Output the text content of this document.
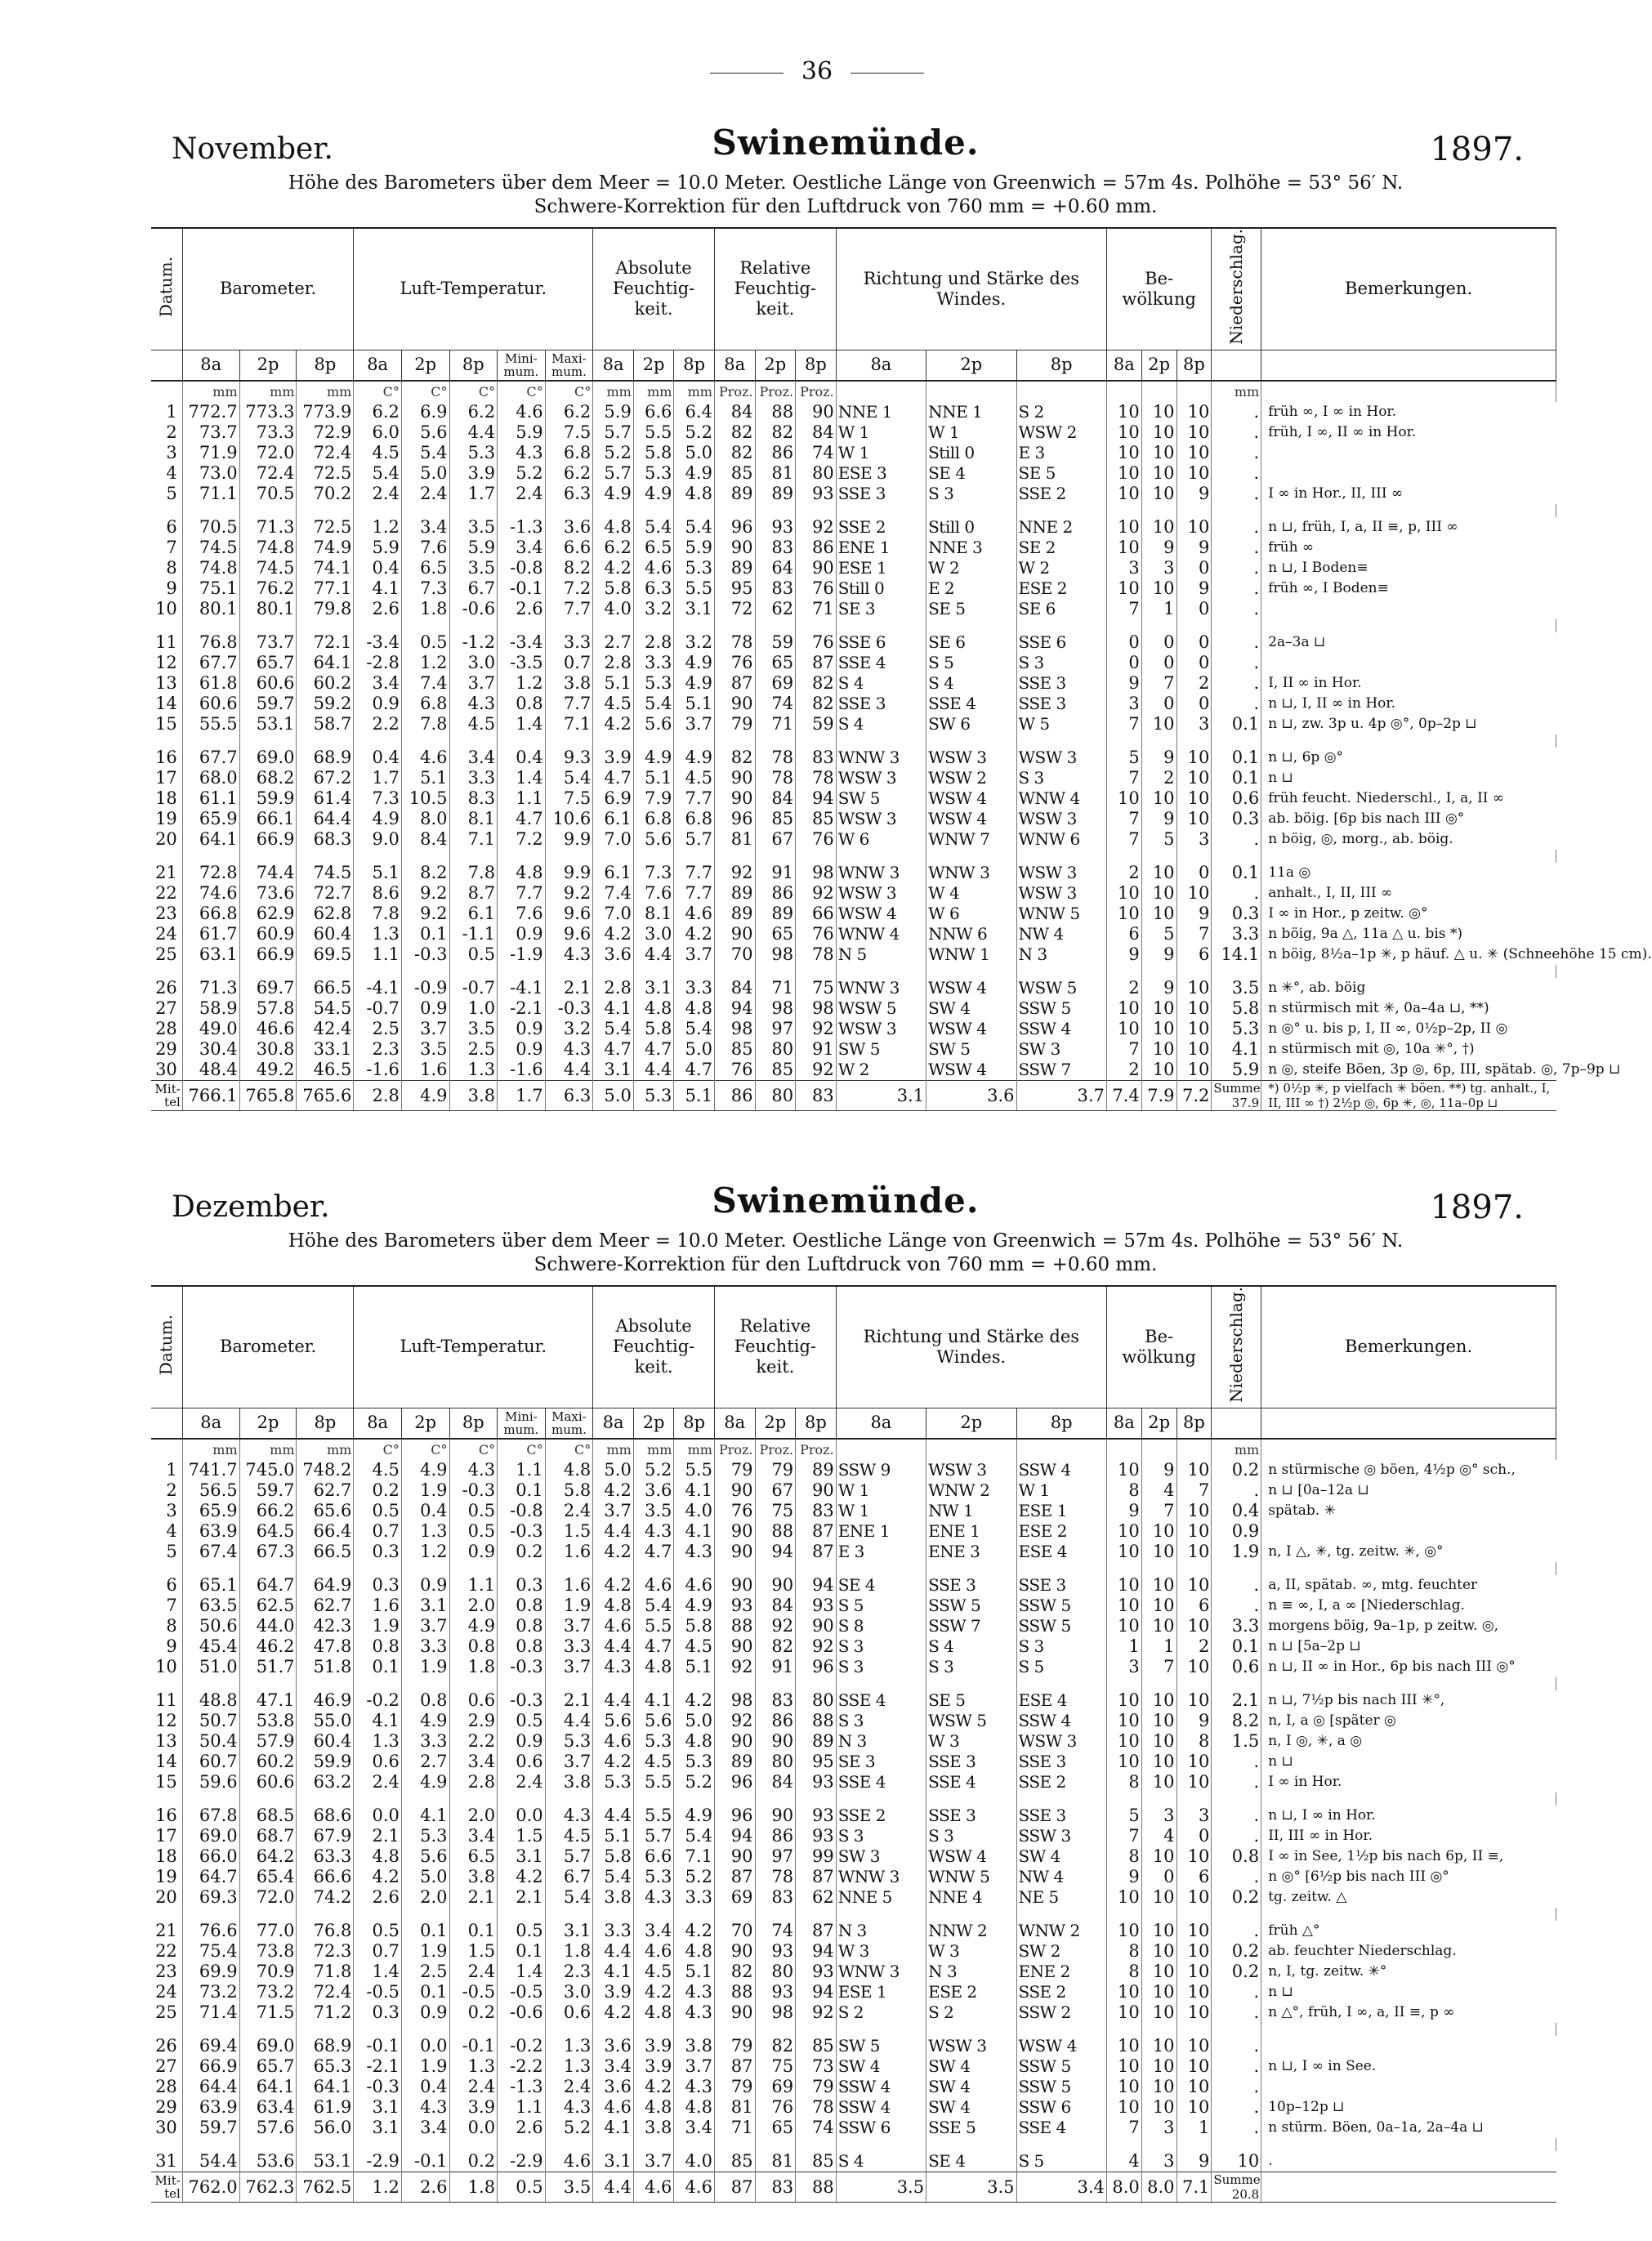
36
November.	Swinemünde.	1897.
Höhe des Barometers über dem Meer = 10.0 Meter. Oestliche Länge von Greenwich = 57m 4s. Polhöhe = 53° 56′ N.
Schwere-Korrektion für den Luftdruck von 760 mm = +0.60 mm.
Datum.	Barometer.			Luft-Temperatur.					Absolute Feuchtig-keit.			Relative Feuchtig-keit.			Richtung und Stärke des Windes.			Be-wölkung			Niederschlag.	Bemerkungen.
	8a	2p	8p	8a	2p	8p	Mini-mum.	Maxi-mum.	8a	2p	8p	8a	2p	8p	8a	2p	8p	8a	2p	8p		
	mm	mm	mm	C°	C°	C°	C°	C°	mm	mm	mm	Proz.	Proz.	Proz.							mm	
1	772.7	773.3	773.9	6.2	6.9	6.2	4.6	6.2	5.9	6.6	6.4	84	88	90	NNE 1	NNE 1	S 2	10	10	10	.	früh ∞, I ∞ in Hor.
2	73.7	73.3	72.9	6.0	5.6	4.4	5.9	7.5	5.7	5.5	5.2	82	82	84	W 1	W 1	WSW 2	10	10	10	.	früh, I ∞, II ∞ in Hor.
3	71.9	72.0	72.4	4.5	5.4	5.3	4.3	6.8	5.2	5.8	5.0	82	86	74	W 1	Still 0	E 3	10	10	10	.	
4	73.0	72.4	72.5	5.4	5.0	3.9	5.2	6.2	5.7	5.3	4.9	85	81	80	ESE 3	SE 4	SE 5	10	10	10	.	
5	71.1	70.5	70.2	2.4	2.4	1.7	2.4	6.3	4.9	4.9	4.8	89	89	93	SSE 3	S 3	SSE 2	10	10	9	.	I ∞ in Hor., II, III ∞

6	70.5	71.3	72.5	1.2	3.4	3.5	-1.3	3.6	4.8	5.4	5.4	96	93	92	SSE 2	Still 0	NNE 2	10	10	10	.	n ⊔, früh, I, a, II ≡, p, III ∞
7	74.5	74.8	74.9	5.9	7.6	5.9	3.4	6.6	6.2	6.5	5.9	90	83	86	ENE 1	NNE 3	SE 2	10	9	9	.	früh ∞
8	74.8	74.5	74.1	0.4	6.5	3.5	-0.8	8.2	4.2	4.6	5.3	89	64	90	ESE 1	W 2	W 2	3	3	0	.	n ⊔, I Boden≡
9	75.1	76.2	77.1	4.1	7.3	6.7	-0.1	7.2	5.8	6.3	5.5	95	83	76	Still 0	E 2	ESE 2	10	10	9	.	früh ∞, I Boden≡
10	80.1	80.1	79.8	2.6	1.8	-0.6	2.6	7.7	4.0	3.2	3.1	72	62	71	SE 3	SE 5	SE 6	7	1	0	.	

11	76.8	73.7	72.1	-3.4	0.5	-1.2	-3.4	3.3	2.7	2.8	3.2	78	59	76	SSE 6	SE 6	SSE 6	0	0	0	.	2a–3a ⊔
12	67.7	65.7	64.1	-2.8	1.2	3.0	-3.5	0.7	2.8	3.3	4.9	76	65	87	SSE 4	S 5	S 3	0	0	0	.	
13	61.8	60.6	60.2	3.4	7.4	3.7	1.2	3.8	5.1	5.3	4.9	87	69	82	S 4	S 4	SSE 3	9	7	2	.	I, II ∞ in Hor.
14	60.6	59.7	59.2	0.9	6.8	4.3	0.8	7.7	4.5	5.4	5.1	90	74	82	SSE 3	SSE 4	SSE 3	3	0	0	.	n ⊔, I, II ∞ in Hor.
15	55.5	53.1	58.7	2.2	7.8	4.5	1.4	7.1	4.2	5.6	3.7	79	71	59	S 4	SW 6	W 5	7	10	3	0.1	n ⊔, zw. 3p u. 4p ◎°, 0p–2p ⊔

16	67.7	69.0	68.9	0.4	4.6	3.4	0.4	9.3	3.9	4.9	4.9	82	78	83	WNW 3	WSW 3	WSW 3	5	9	10	0.1	n ⊔, 6p ◎°
17	68.0	68.2	67.2	1.7	5.1	3.3	1.4	5.4	4.7	5.1	4.5	90	78	78	WSW 3	WSW 2	S 3	7	2	10	0.1	n ⊔
18	61.1	59.9	61.4	7.3	10.5	8.3	1.1	7.5	6.9	7.9	7.7	90	84	94	SW 5	WSW 4	WNW 4	10	10	10	0.6	früh feucht. Niederschl., I, a, II ∞
19	65.9	66.1	64.4	4.9	8.0	8.1	4.7	10.6	6.1	6.8	6.8	96	85	85	WSW 3	WSW 4	WSW 3	7	9	10	0.3	ab. böig. [6p bis nach III ◎°
20	64.1	66.9	68.3	9.0	8.4	7.1	7.2	9.9	7.0	5.6	5.7	81	67	76	W 6	WNW 7	WNW 6	7	5	3	.	n böig, ◎, morg., ab. böig.

21	72.8	74.4	74.5	5.1	8.2	7.8	4.8	9.9	6.1	7.3	7.7	92	91	98	WNW 3	WNW 3	WSW 3	2	10	0	0.1	11a ◎
22	74.6	73.6	72.7	8.6	9.2	8.7	7.7	9.2	7.4	7.6	7.7	89	86	92	WSW 3	W 4	WSW 3	10	10	10	.	anhalt., I, II, III ∞
23	66.8	62.9	62.8	7.8	9.2	6.1	7.6	9.6	7.0	8.1	4.6	89	89	66	WSW 4	W 6	WNW 5	10	10	9	0.3	I ∞ in Hor., p zeitw. ◎°
24	61.7	60.9	60.4	1.3	0.1	-1.1	0.9	9.6	4.2	3.0	4.2	90	65	76	WNW 4	NNW 6	NW 4	6	5	7	3.3	n böig, 9a △, 11a △ u. bis *)
25	63.1	66.9	69.5	1.1	-0.3	0.5	-1.9	4.3	3.6	4.4	3.7	70	98	78	N 5	WNW 1	N 3	9	9	6	14.1	n böig, 8½a–1p ✳, p häuf. △ u. ✳ (Schneehöhe 15 cm).

26	71.3	69.7	66.5	-4.1	-0.9	-0.7	-4.1	2.1	2.8	3.1	3.3	84	71	75	WNW 3	WSW 4	WSW 5	2	9	10	3.5	n ✳°, ab. böig
27	58.9	57.8	54.5	-0.7	0.9	1.0	-2.1	-0.3	4.1	4.8	4.8	94	98	98	WSW 5	SW 4	SSW 5	10	10	10	5.8	n stürmisch mit ✳, 0a–4a ⊔, **)
28	49.0	46.6	42.4	2.5	3.7	3.5	0.9	3.2	5.4	5.8	5.4	98	97	92	WSW 3	WSW 4	SSW 4	10	10	10	5.3	n ◎° u. bis p, I, II ∞, 0½p–2p, II ◎
29	30.4	30.8	33.1	2.3	3.5	2.5	0.9	4.3	4.7	4.7	5.0	85	80	91	SW 5	SW 5	SW 3	7	10	10	4.1	n stürmisch mit ◎, 10a ✳°, †)
30	48.4	49.2	46.5	-1.6	1.6	1.3	-1.6	4.4	3.1	4.4	4.7	76	85	92	W 2	WSW 4	SSW 7	2	10	10	5.9	n ◎, steife Böen, 3p ◎, 6p, III, spätab. ◎, 7p–9p ⊔
Mit-tel	766.1	765.8	765.6	2.8	4.9	3.8	1.7	6.3	5.0	5.3	5.1	86	80	83	3.1	3.6	3.7	7.4	7.9	7.2	Summe 37.9	*) 0½p ✳, p vielfach ✳ böen. **) tg. anhalt., I, II, III ∞ †) 2½p ◎, 6p ✳, ◎, 11a–0p ⊔
Dezember.	Swinemünde.	1897.
Höhe des Barometers über dem Meer = 10.0 Meter. Oestliche Länge von Greenwich = 57m 4s. Polhöhe = 53° 56′ N.
Schwere-Korrektion für den Luftdruck von 760 mm = +0.60 mm.
Datum.	Barometer.			Luft-Temperatur.					Absolute Feuchtig-keit.			Relative Feuchtig-keit.			Richtung und Stärke des Windes.			Be-wölkung			Niederschlag.	Bemerkungen.
	8a	2p	8p	8a	2p	8p	Mini-mum.	Maxi-mum.	8a	2p	8p	8a	2p	8p	8a	2p	8p	8a	2p	8p		
	mm	mm	mm	C°	C°	C°	C°	C°	mm	mm	mm	Proz.	Proz.	Proz.							mm	
1	741.7	745.0	748.2	4.5	4.9	4.3	1.1	4.8	5.0	5.2	5.5	79	79	89	SSW 9	WSW 3	SSW 4	10	9	10	0.2	n stürmische ◎ böen, 4½p ◎° sch.,
2	56.5	59.7	62.7	0.2	1.9	-0.3	0.1	5.8	4.2	3.6	4.1	90	67	90	W 1	WNW 2	W 1	8	4	7	.	n ⊔ [0a–12a ⊔
3	65.9	66.2	65.6	0.5	0.4	0.5	-0.8	2.4	3.7	3.5	4.0	76	75	83	W 1	NW 1	ESE 1	9	7	10	0.4	spätab. ✳
4	63.9	64.5	66.4	0.7	1.3	0.5	-0.3	1.5	4.4	4.3	4.1	90	88	87	ENE 1	ENE 1	ESE 2	10	10	10	0.9	
5	67.4	67.3	66.5	0.3	1.2	0.9	0.2	1.6	4.2	4.7	4.3	90	94	87	E 3	ENE 3	ESE 4	10	10	10	1.9	n, I △, ✳, tg. zeitw. ✳, ◎°

6	65.1	64.7	64.9	0.3	0.9	1.1	0.3	1.6	4.2	4.6	4.6	90	90	94	SE 4	SSE 3	SSE 3	10	10	10	.	a, II, spätab. ∞, mtg. feuchter
7	63.5	62.5	62.7	1.6	3.1	2.0	0.8	1.9	4.8	5.4	4.9	93	84	93	S 5	SSW 5	SSW 5	10	10	6	.	n ≡ ∞, I, a ∞ [Niederschlag.
8	50.6	44.0	42.3	1.9	3.7	4.9	0.8	3.7	4.6	5.5	5.8	88	92	90	S 8	SSW 7	SSW 5	10	10	10	3.3	morgens böig, 9a–1p, p zeitw. ◎,
9	45.4	46.2	47.8	0.8	3.3	0.8	0.8	3.3	4.4	4.7	4.5	90	82	92	S 3	S 4	S 3	1	1	2	0.1	n ⊔ [5a–2p ⊔
10	51.0	51.7	51.8	0.1	1.9	1.8	-0.3	3.7	4.3	4.8	5.1	92	91	96	S 3	S 3	S 5	3	7	10	0.6	n ⊔, II ∞ in Hor., 6p bis nach III ◎°

11	48.8	47.1	46.9	-0.2	0.8	0.6	-0.3	2.1	4.4	4.1	4.2	98	83	80	SSE 4	SE 5	ESE 4	10	10	10	2.1	n ⊔, 7½p bis nach III ✳°,
12	50.7	53.8	55.0	4.1	4.9	2.9	0.5	4.4	5.6	5.6	5.0	92	86	88	S 3	WSW 5	SSW 4	10	10	9	8.2	n, I, a ◎ [später ◎
13	50.4	57.9	60.4	1.3	3.3	2.2	0.9	5.3	4.6	5.3	4.8	90	90	89	N 3	W 3	WSW 3	10	10	8	1.5	n, I ◎, ✳, a ◎
14	60.7	60.2	59.9	0.6	2.7	3.4	0.6	3.7	4.2	4.5	5.3	89	80	95	SE 3	SSE 3	SSE 3	10	10	10	.	n ⊔
15	59.6	60.6	63.2	2.4	4.9	2.8	2.4	3.8	5.3	5.5	5.2	96	84	93	SSE 4	SSE 4	SSE 2	8	10	10	.	I ∞ in Hor.

16	67.8	68.5	68.6	0.0	4.1	2.0	0.0	4.3	4.4	5.5	4.9	96	90	93	SSE 2	SSE 3	SSE 3	5	3	3	.	n ⊔, I ∞ in Hor.
17	69.0	68.7	67.9	2.1	5.3	3.4	1.5	4.5	5.1	5.7	5.4	94	86	93	S 3	S 3	SSW 3	7	4	0	.	II, III ∞ in Hor.
18	66.0	64.2	63.3	4.8	5.6	6.5	3.1	5.7	5.8	6.6	7.1	90	97	99	SW 3	WSW 4	SW 4	8	10	10	0.8	I ∞ in See, 1½p bis nach 6p, II ≡,
19	64.7	65.4	66.6	4.2	5.0	3.8	4.2	6.7	5.4	5.3	5.2	87	78	87	WNW 3	WNW 5	NW 4	9	0	6	.	n ◎° [6½p bis nach III ◎°
20	69.3	72.0	74.2	2.6	2.0	2.1	2.1	5.4	3.8	4.3	3.3	69	83	62	NNE 5	NNE 4	NE 5	10	10	10	0.2	tg. zeitw. △

21	76.6	77.0	76.8	0.5	0.1	0.1	0.5	3.1	3.3	3.4	4.2	70	74	87	N 3	NNW 2	WNW 2	10	10	10	.	früh △°
22	75.4	73.8	72.3	0.7	1.9	1.5	0.1	1.8	4.4	4.6	4.8	90	93	94	W 3	W 3	SW 2	8	10	10	0.2	ab. feuchter Niederschlag.
23	69.9	70.9	71.8	1.4	2.5	2.4	1.4	2.3	4.1	4.5	5.1	82	80	93	WNW 3	N 3	ENE 2	8	10	10	0.2	n, I, tg. zeitw. ✳°
24	73.2	73.2	72.4	-0.5	0.1	-0.5	-0.5	3.0	3.9	4.2	4.3	88	93	94	ESE 1	ESE 2	SSE 2	10	10	10	.	n ⊔
25	71.4	71.5	71.2	0.3	0.9	0.2	-0.6	0.6	4.2	4.8	4.3	90	98	92	S 2	S 2	SSW 2	10	10	10	.	n △°, früh, I ∞, a, II ≡, p ∞

26	69.4	69.0	68.9	-0.1	0.0	-0.1	-0.2	1.3	3.6	3.9	3.8	79	82	85	SW 5	WSW 3	WSW 4	10	10	10	.	
27	66.9	65.7	65.3	-2.1	1.9	1.3	-2.2	1.3	3.4	3.9	3.7	87	75	73	SW 4	SW 4	SSW 5	10	10	10	.	n ⊔, I ∞ in See.
28	64.4	64.1	64.1	-0.3	0.4	2.4	-1.3	2.4	3.6	4.2	4.3	79	69	79	SSW 4	SW 4	SSW 5	10	10	10	.	
29	63.9	63.4	61.9	3.1	4.3	3.9	1.1	4.3	4.6	4.8	4.8	81	76	78	SSW 4	SW 4	SSW 6	10	10	10	.	10p–12p ⊔
30	59.7	57.6	56.0	3.1	3.4	0.0	2.6	5.2	4.1	3.8	3.4	71	65	74	SSW 6	SSE 5	SSE 4	7	3	1	.	n stürm. Böen, 0a–1a, 2a–4a ⊔

31	54.4	53.6	53.1	-2.9	-0.1	0.2	-2.9	4.6	3.1	3.7	4.0	85	81	85	S 4	SE 4	S 5	4	3	9	10	.
Mit-tel	762.0	762.3	762.5	1.2	2.6	1.8	0.5	3.5	4.4	4.6	4.6	87	83	88	3.5	3.5	3.4	8.0	8.0	7.1	Summe 20.8	
